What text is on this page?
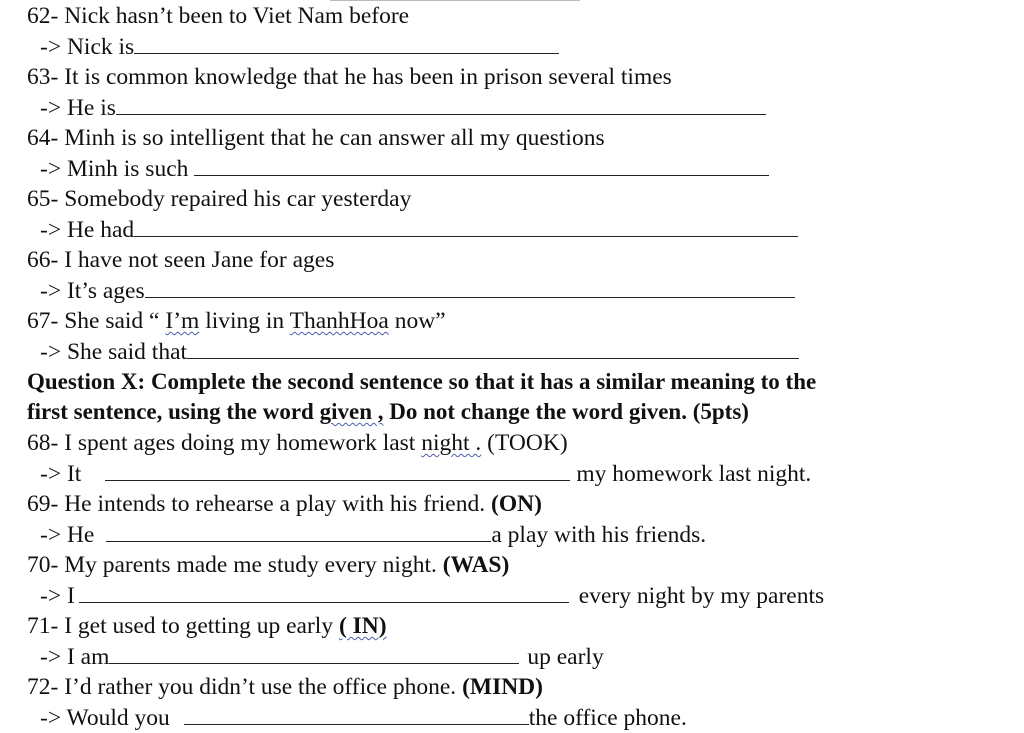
62- Nick hasn’t been to Viet Nam before
-> Nick is
63- It is common knowledge that he has been in prison several times
-> He is
64- Minh is so intelligent that he can answer all my questions
-> Minh is such
65- Somebody repaired his car yesterday
-> He had
66- I have not seen Jane for ages
-> It’s ages
67- She said “ I’m living in ThanhHoa now”
-> She said that
Question X: Complete the second sentence so that it has a similar meaning to the
first sentence, using the word given , Do not change the word given. (5pts)
68- I spent ages doing my homework last night . (TOOK)
-> It	my homework last night.
69- He intends to rehearse a play with his friend. (ON)
-> He	a play with his friends.
70- My parents made me study every night. (WAS)
-> I	every night by my parents
71- I get used to getting up early ( IN)
-> I am	up early
72- I’d rather you didn’t use the office phone. (MIND)
-> Would you	the office phone.
